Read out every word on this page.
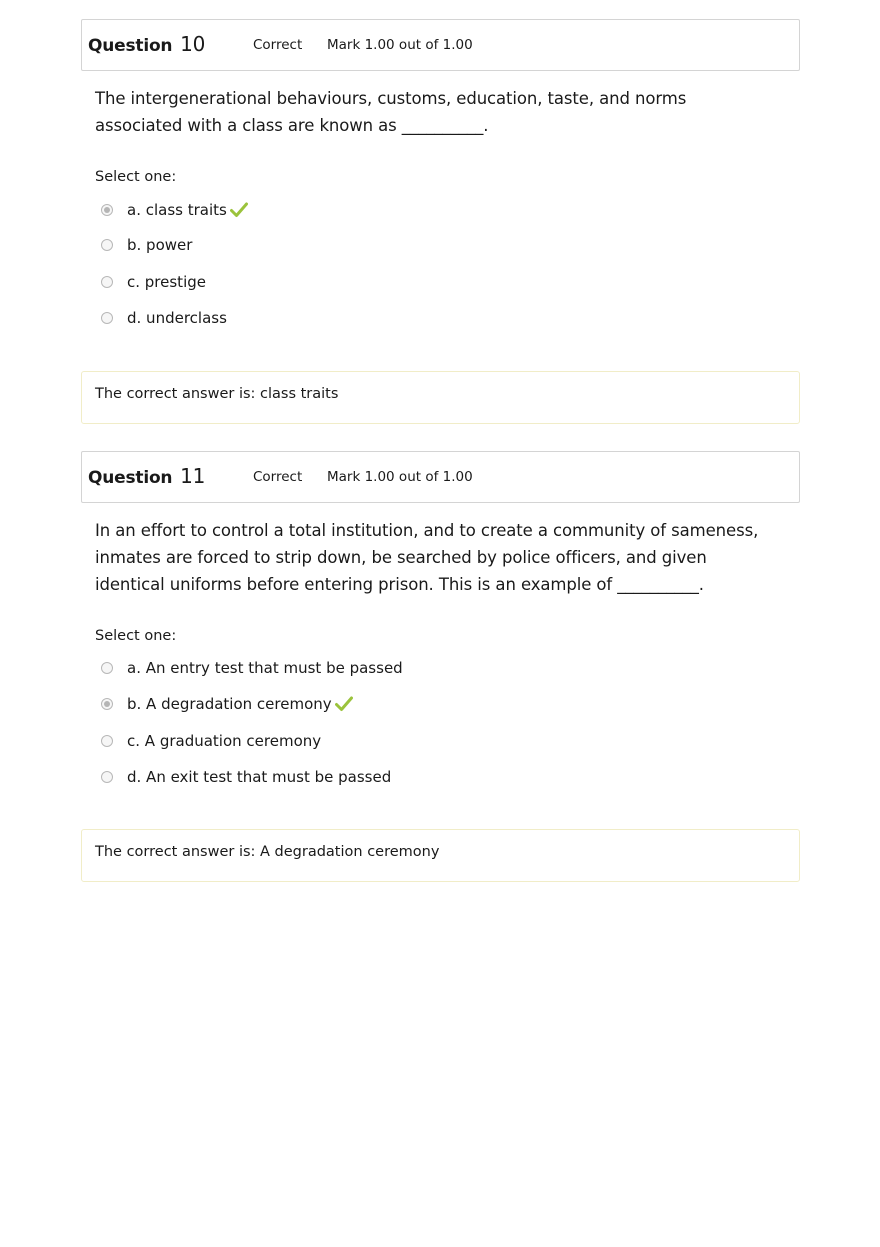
Question 10	Correct Mark 1.00 out of 1.00
The intergenerational behaviours, customs, education, taste, and norms associated with a class are known as __________.
Select one:
a. class traits
b. power
c. prestige
d. underclass
The correct answer is: class traits
Question 11	Correct Mark 1.00 out of 1.00
In an effort to control a total institution, and to create a community of sameness, inmates are forced to strip down, be searched by police officers, and given identical uniforms before entering prison. This is an example of __________.
Select one:
a. An entry test that must be passed
b. A degradation ceremony
c. A graduation ceremony
d. An exit test that must be passed
The correct answer is: A degradation ceremony
